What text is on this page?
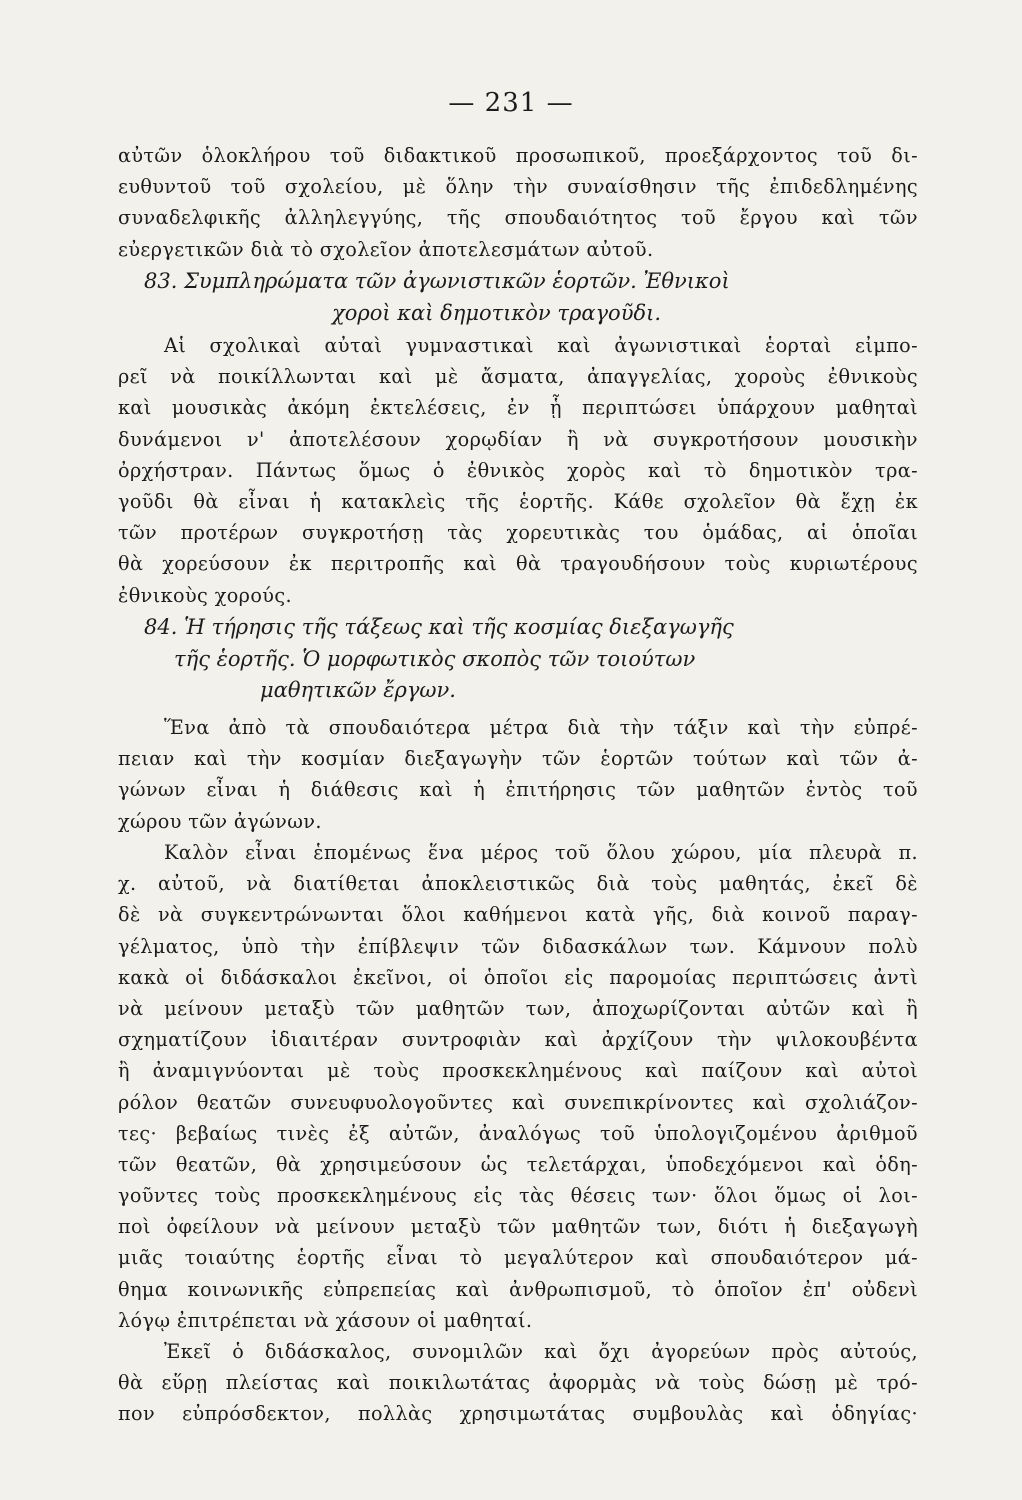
— 231 —
αὐτῶν ὁλοκλήρου τοῦ διδακτικοῦ προσωπικοῦ, προεξάρχοντος τοῦ δι-
ευθυντοῦ τοῦ σχολείου, μὲ ὅλην τὴν συναίσθησιν τῆς ἐπιδεδλημένης
συναδελφικῆς ἀλληλεγγύης, τῆς σπουδαιότητος τοῦ ἔργου καὶ τῶν
εὐεργετικῶν διὰ τὸ σχολεῖον ἀποτελεσμάτων αὐτοῦ.
83. Συμπληρώματα τῶν ἀγωνιστικῶν ἑορτῶν. Ἐθνικοὶ
χοροὶ καὶ δημοτικὸν τραγοῦδι.
Αἱ σχολικαὶ αὐταὶ γυμναστικαὶ καὶ ἀγωνιστικαὶ ἑορταὶ εἰμπο-
ρεῖ νὰ ποικίλλωνται καὶ μὲ ἄσματα, ἀπαγγελίας, χοροὺς ἐθνικοὺς
καὶ μουσικὰς ἀκόμη ἐκτελέσεις, ἐν ᾗ περιπτώσει ὑπάρχουν μαθηταὶ
δυνάμενοι ν' ἀποτελέσουν χορῳδίαν ἢ νὰ συγκροτήσουν μουσικὴν
ὀρχήστραν. Πάντως ὅμως ὁ ἐθνικὸς χορὸς καὶ τὸ δημοτικὸν τρα-
γοῦδι θὰ εἶναι ἡ κατακλεὶς τῆς ἑορτῆς. Κάθε σχολεῖον θὰ ἔχῃ ἐκ
τῶν προτέρων συγκροτήσῃ τὰς χορευτικὰς του ὁμάδας, αἱ ὁποῖαι
θὰ χορεύσουν ἐκ περιτροπῆς καὶ θὰ τραγουδήσουν τοὺς κυριωτέρους
ἐθνικοὺς χορούς.
84. Ἡ τήρησις τῆς τάξεως καὶ τῆς κοσμίας διεξαγωγῆς
τῆς ἑορτῆς. Ὁ μορφωτικὸς σκοπὸς τῶν τοιούτων
μαθητικῶν ἔργων.
Ἕνα ἀπὸ τὰ σπουδαιότερα μέτρα διὰ τὴν τάξιν καὶ τὴν εὐπρέ-
πειαν καὶ τὴν κοσμίαν διεξαγωγὴν τῶν ἑορτῶν τούτων καὶ τῶν ἀ-
γώνων εἶναι ἡ διάθεσις καὶ ἡ ἐπιτήρησις τῶν μαθητῶν ἐντὸς τοῦ
χώρου τῶν ἀγώνων.
Καλὸν εἶναι ἑπομένως ἕνα μέρος τοῦ ὅλου χώρου, μία πλευρὰ π.
χ. αὐτοῦ, νὰ διατίθεται ἀποκλειστικῶς διὰ τοὺς μαθητάς, ἐκεῖ δὲ
δὲ νὰ συγκεντρώνωνται ὅλοι καθήμενοι κατὰ γῆς, διὰ κοινοῦ παραγ-
γέλματος, ὑπὸ τὴν ἐπίβλεψιν τῶν διδασκάλων των. Κάμνουν πολὺ
κακὰ οἱ διδάσκαλοι ἐκεῖνοι, οἱ ὁποῖοι εἰς παρομοίας περιπτώσεις ἀντὶ
νὰ μείνουν μεταξὺ τῶν μαθητῶν των, ἀποχωρίζονται αὐτῶν καὶ ἢ
σχηματίζουν ἰδιαιτέραν συντροφιὰν καὶ ἀρχίζουν τὴν ψιλοκουβέντα
ἢ ἀναμιγνύονται μὲ τοὺς προσκεκλημένους καὶ παίζουν καὶ αὐτοὶ
ρόλον θεατῶν συνευφυολογοῦντες καὶ συνεπικρίνοντες καὶ σχολιάζον-
τες· βεβαίως τινὲς ἐξ αὐτῶν, ἀναλόγως τοῦ ὑπολογιζομένου ἀριθμοῦ
τῶν θεατῶν, θὰ χρησιμεύσουν ὡς τελετάρχαι, ὑποδεχόμενοι καὶ ὁδη-
γοῦντες τοὺς προσκεκλημένους εἰς τὰς θέσεις των· ὅλοι ὅμως οἱ λοι-
ποὶ ὀφείλουν νὰ μείνουν μεταξὺ τῶν μαθητῶν των, διότι ἡ διεξαγωγὴ
μιᾶς τοιαύτης ἑορτῆς εἶναι τὸ μεγαλύτερον καὶ σπουδαιότερον μά-
θημα κοινωνικῆς εὐπρεπείας καὶ ἀνθρωπισμοῦ, τὸ ὁποῖον ἐπ' οὐδενὶ
λόγῳ ἐπιτρέπεται νὰ χάσουν οἱ μαθηταί.
Ἐκεῖ ὁ διδάσκαλος, συνομιλῶν καὶ ὄχι ἀγορεύων πρὸς αὐτούς,
θὰ εὕρῃ πλείστας καὶ ποικιλωτάτας ἀφορμὰς νὰ τοὺς δώσῃ μὲ τρό-
πον εὐπρόσδεκτον, πολλὰς χρησιμωτάτας συμβουλὰς καὶ ὁδηγίας·
